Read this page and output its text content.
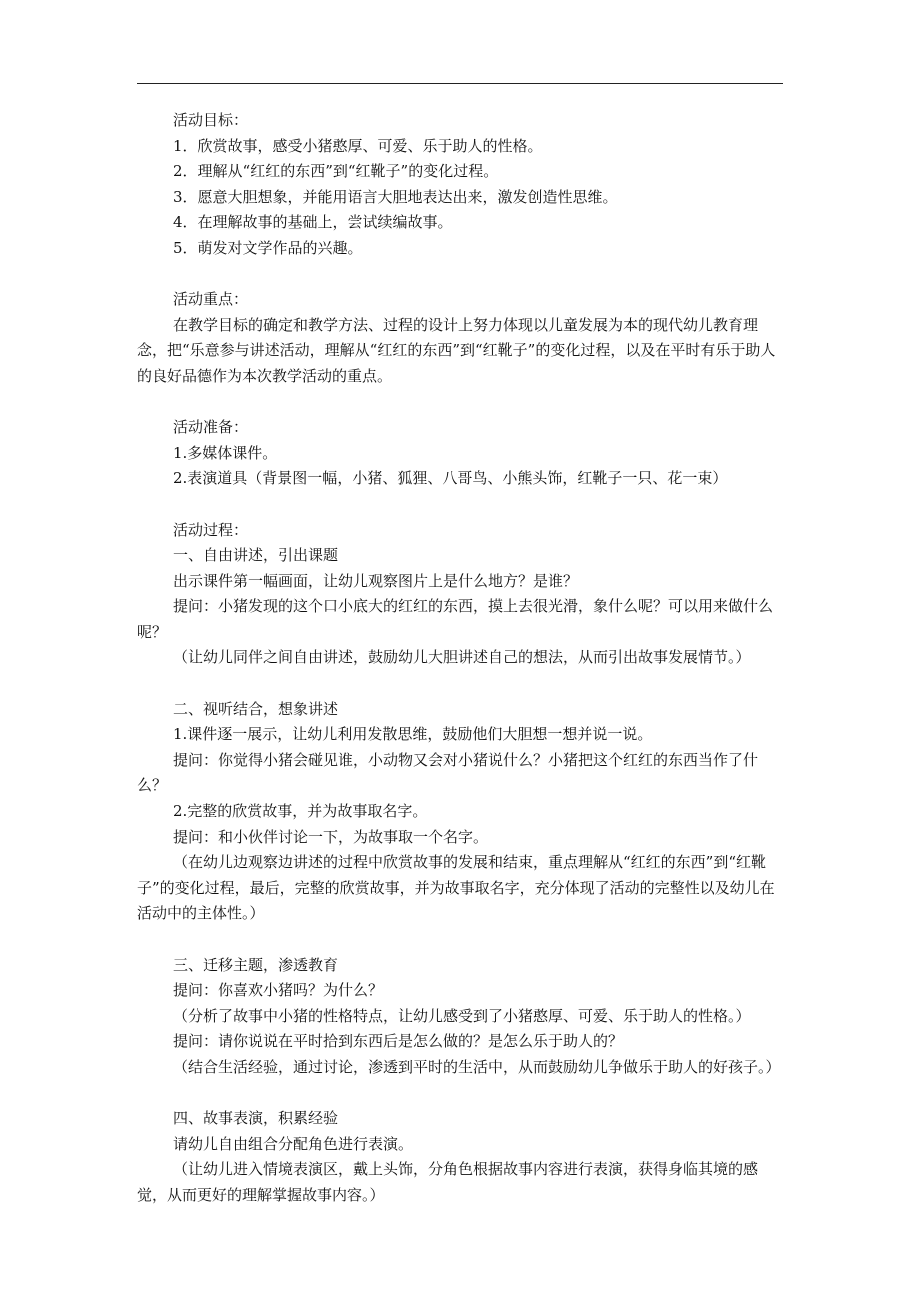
活动目标：

1．欣赏故事，感受小猪憨厚、可爱、乐于助人的性格。

2．理解从“红红的东西”到“红靴子”的变化过程。

3．愿意大胆想象，并能用语言大胆地表达出来，激发创造性思维。

4．在理解故事的基础上，尝试续编故事。

5．萌发对文学作品的兴趣。

活动重点：

在教学目标的确定和教学方法、过程的设计上努力体现以儿童发展为本的现代幼儿教育理念，把“乐意参与讲述活动，理解从“红红的东西”到“红靴子”的变化过程，以及在平时有乐于助人的良好品德作为本次教学活动的重点。

活动准备：

1.多媒体课件。

2.表演道具（背景图一幅，小猪、狐狸、八哥鸟、小熊头饰，红靴子一只、花一束）

活动过程：

一、自由讲述，引出课题

出示课件第一幅画面，让幼儿观察图片上是什么地方？是谁？

提问：小猪发现的这个口小底大的红红的东西，摸上去很光滑，象什么呢？可以用来做什么呢？

（让幼儿同伴之间自由讲述，鼓励幼儿大胆讲述自己的想法，从而引出故事发展情节。）

二、视听结合，想象讲述

1.课件逐一展示，让幼儿利用发散思维，鼓励他们大胆想一想并说一说。

提问：你觉得小猪会碰见谁，小动物又会对小猪说什么？小猪把这个红红的东西当作了什么？

2.完整的欣赏故事，并为故事取名字。

提问：和小伙伴讨论一下，为故事取一个名字。

（在幼儿边观察边讲述的过程中欣赏故事的发展和结束，重点理解从“红红的东西”到“红靴子”的变化过程，最后，完整的欣赏故事，并为故事取名字，充分体现了活动的完整性以及幼儿在活动中的主体性。）

三、迁移主题，渗透教育

提问：你喜欢小猪吗？为什么？

（分析了故事中小猪的性格特点，让幼儿感受到了小猪憨厚、可爱、乐于助人的性格。）

提问：请你说说在平时拾到东西后是怎么做的？是怎么乐于助人的？

（结合生活经验，通过讨论，渗透到平时的生活中，从而鼓励幼儿争做乐于助人的好孩子。）

四、故事表演，积累经验

请幼儿自由组合分配角色进行表演。

（让幼儿进入情境表演区，戴上头饰，分角色根据故事内容进行表演，获得身临其境的感觉，从而更好的理解掌握故事内容。）
